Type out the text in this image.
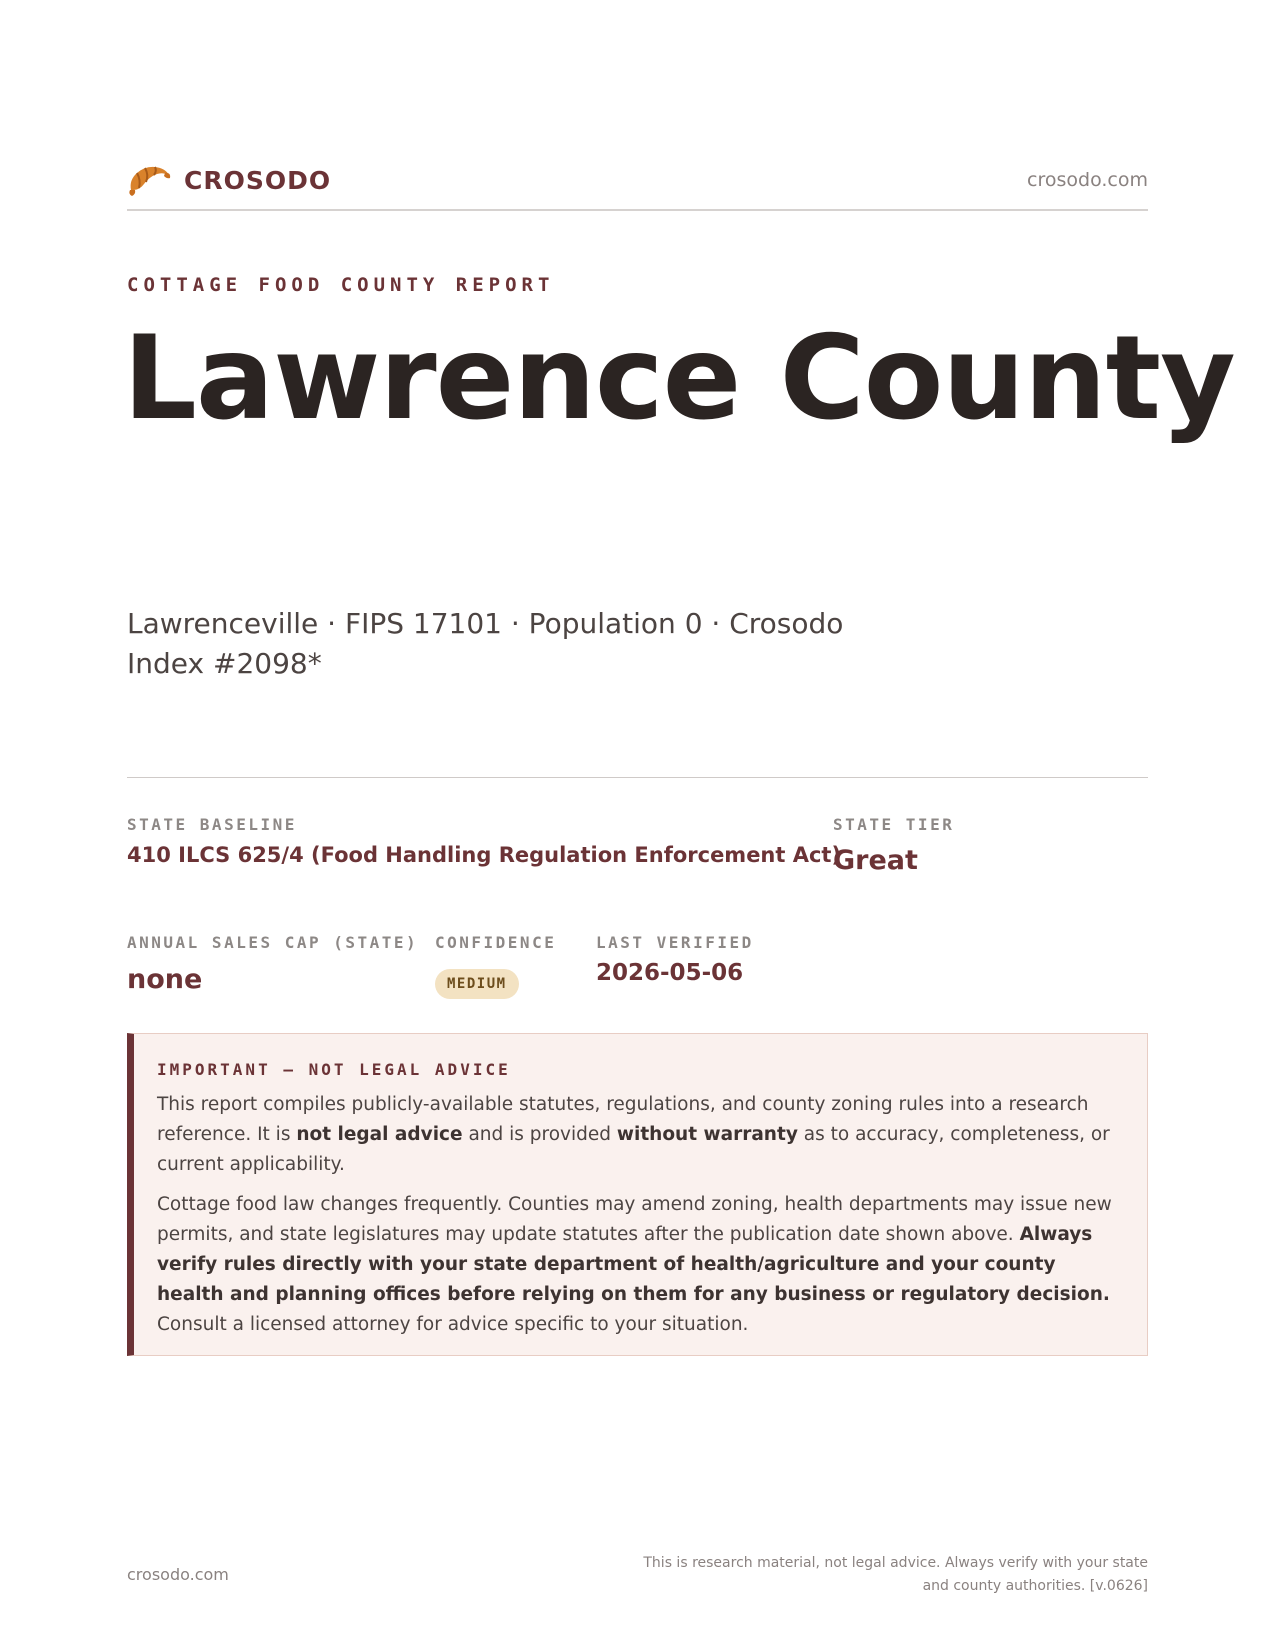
CROSODO	crosodo.com
COTTAGE FOOD COUNTY REPORT
Lawrence County
Lawrenceville · FIPS 17101 · Population 0 · Crosodo Index #2098*
STATE BASELINE
410 ILCS 625/4 (Food Handling Regulation Enforcement Act)
STATE TIER
Great
ANNUAL SALES CAP (STATE)
none
CONFIDENCE
MEDIUM
LAST VERIFIED
2026-05-06
IMPORTANT — NOT LEGAL ADVICE

This report compiles publicly-available statutes, regulations, and county zoning rules into a research reference. It is not legal advice and is provided without warranty as to accuracy, completeness, or current applicability.

Cottage food law changes frequently. Counties may amend zoning, health departments may issue new permits, and state legislatures may update statutes after the publication date shown above. Always verify rules directly with your state department of health/agriculture and your county health and planning offices before relying on them for any business or regulatory decision. Consult a licensed attorney for advice specific to your situation.

crosodo.com
This is research material, not legal advice. Always verify with your state and county authorities. [v.0626]
